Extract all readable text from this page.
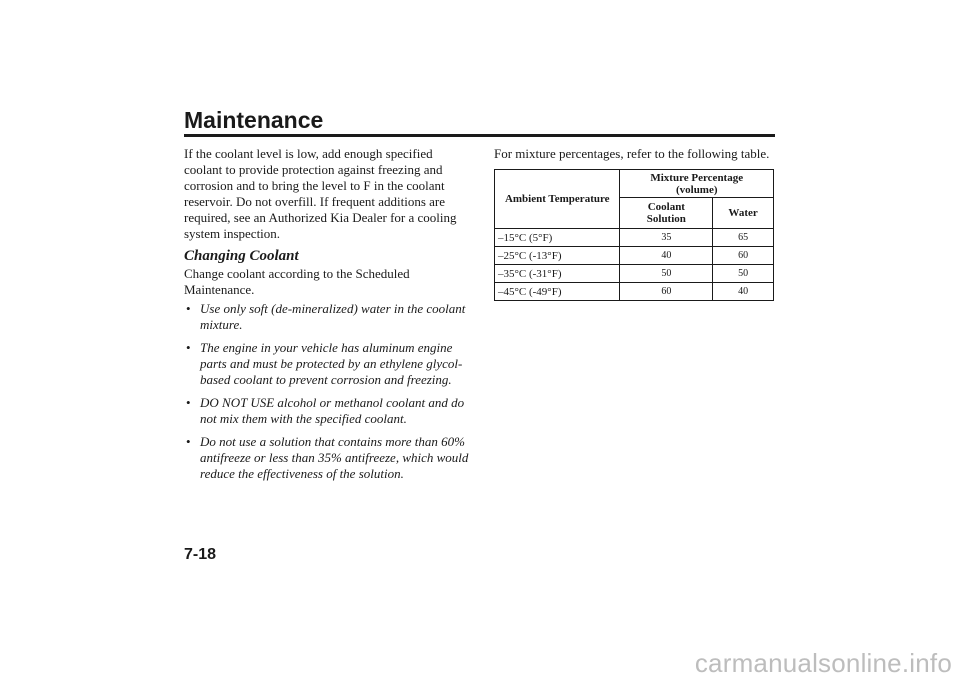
Maintenance

If the coolant level is low, add enough specified coolant to provide protection against freezing and corrosion and to bring the level to F in the coolant reservoir. Do not overfill. If frequent additions are required, see an Authorized Kia Dealer for a cooling system inspection.

Changing Coolant

Change coolant according to the Scheduled Maintenance.

• Use only soft (de-mineralized) water in the coolant mixture.
• The engine in your vehicle has aluminum engine parts and must be protected by an ethylene glycol-based coolant to prevent corrosion and freezing.
• DO NOT USE alcohol or methanol coolant and do not mix them with the specified coolant.
• Do not use a solution that contains more than 60% antifreeze or less than 35% antifreeze, which would reduce the effectiveness of the solution.

For mixture percentages, refer to the following table.

Ambient Temperature	Mixture Percentage (volume)	
	Coolant Solution	Water
–15°C (5°F)	35	65
–25°C (-13°F)	40	60
–35°C (-31°F)	50	50
–45°C (-49°F)	60	40
7-18
carmanualsonline.info
